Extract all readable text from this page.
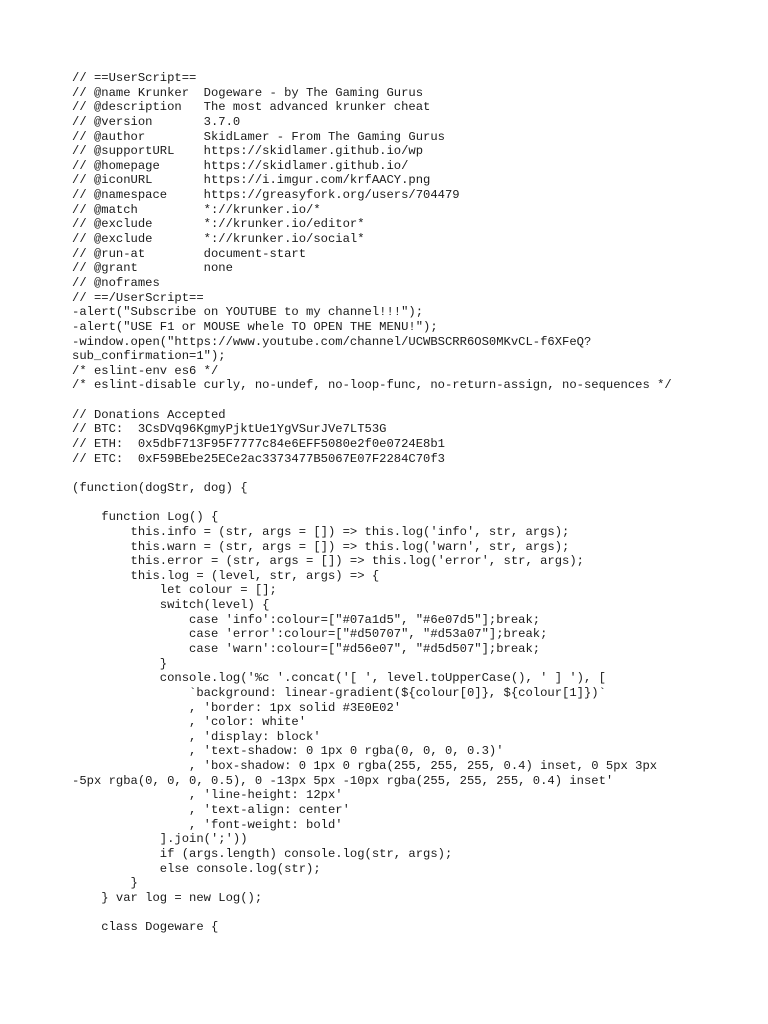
// ==UserScript==
// @name Krunker  Dogeware - by The Gaming Gurus
// @description   The most advanced krunker cheat
// @version       3.7.0
// @author        SkidLamer - From The Gaming Gurus
// @supportURL    https://skidlamer.github.io/wp
// @homepage      https://skidlamer.github.io/
// @iconURL       https://i.imgur.com/krfAACY.png
// @namespace     https://greasyfork.org/users/704479
// @match         *://krunker.io/*
// @exclude       *://krunker.io/editor*
// @exclude       *://krunker.io/social*
// @run-at        document-start
// @grant         none
// @noframes
// ==/UserScript==
-alert("Subscribe on YOUTUBE to my channel!!!");
-alert("USE F1 or MOUSE whele TO OPEN THE MENU!");
-window.open("https://www.youtube.com/channel/UCWBSCRR6OS0MKvCL-f6XFeQ?
sub_confirmation=1");
/* eslint-env es6 */
/* eslint-disable curly, no-undef, no-loop-func, no-return-assign, no-sequences */
// Donations Accepted
// BTC:  3CsDVq96KgmyPjktUe1YgVSurJVe7LT53G
// ETH:  0x5dbF713F95F7777c84e6EFF5080e2f0e0724E8b1
// ETC:  0xF59BEbe25ECe2ac3373477B5067E07F2284C70f3
(function(dogStr, dog) {
function Log() {
this.info = (str, args = []) => this.log('info', str, args);
this.warn = (str, args = []) => this.log('warn', str, args);
this.error = (str, args = []) => this.log('error', str, args);
this.log = (level, str, args) => {
let colour = [];
switch(level) {
case 'info':colour=["#07a1d5", "#6e07d5"];break;
case 'error':colour=["#d50707", "#d53a07"];break;
case 'warn':colour=["#d56e07", "#d5d507"];break;
}
console.log('%c '.concat('[ ', level.toUpperCase(), ' ] '), [
`background: linear-gradient(${colour[0]}, ${colour[1]})`
, 'border: 1px solid #3E0E02'
, 'color: white'
, 'display: block'
, 'text-shadow: 0 1px 0 rgba(0, 0, 0, 0.3)'
, 'box-shadow: 0 1px 0 rgba(255, 255, 255, 0.4) inset, 0 5px 3px
-5px rgba(0, 0, 0, 0.5), 0 -13px 5px -10px rgba(255, 255, 255, 0.4) inset'
, 'line-height: 12px'
, 'text-align: center'
, 'font-weight: bold'
].join(';'))
if (args.length) console.log(str, args);
else console.log(str);
}
} var log = new Log();
class Dogeware {
